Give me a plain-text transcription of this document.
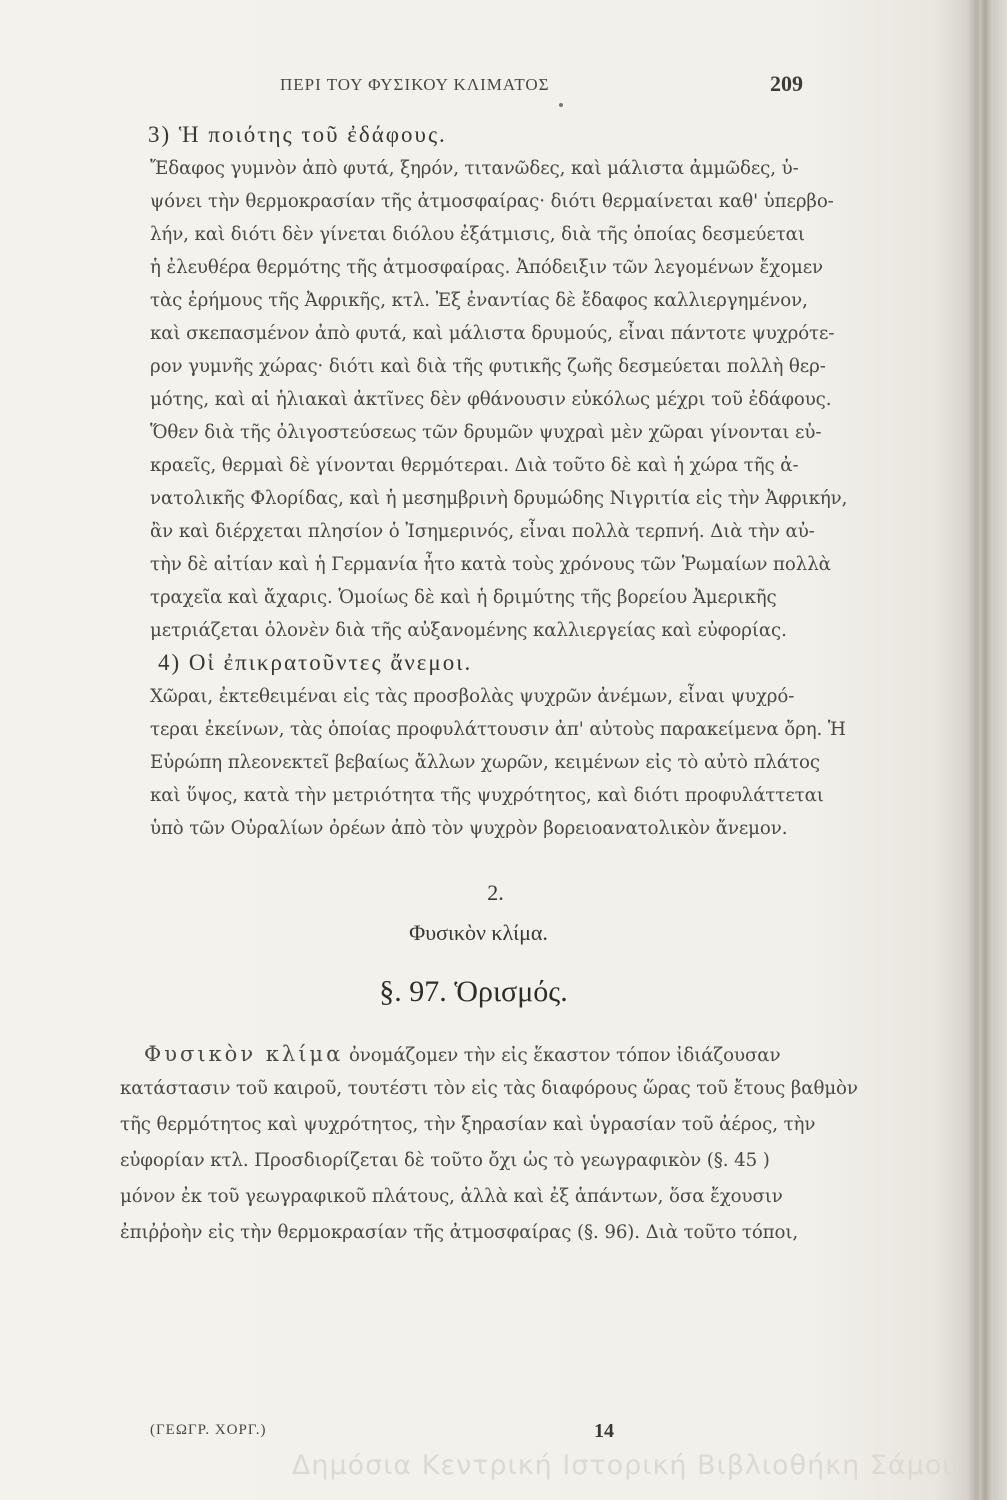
ΠΕΡΙ ΤΟΥ ΦΥΣΙΚΟΥ ΚΛΙΜΑΤΟΣ	209
3) Ἡ ποιότης τοῦ ἐδάφους.
Ἔδαφος γυμνὸν ἀπὸ φυτά, ξηρόν, τιτανῶδες, καὶ μάλιστα ἀμμῶδες, ὑ-
ψόνει τὴν θερμοκρασίαν τῆς ἀτμοσφαίρας· διότι θερμαίνεται καθ' ὑπερβο-
λήν, καὶ διότι δὲν γίνεται διόλου ἐξάτμισις, διὰ τῆς ὁποίας δεσμεύεται
ἡ ἐλευθέρα θερμότης τῆς ἀτμοσφαίρας. Ἀπόδειξιν τῶν λεγομένων ἔχομεν
τὰς ἐρήμους τῆς Ἀφρικῆς, κτλ. Ἐξ ἐναντίας δὲ ἔδαφος καλλιεργημένον,
καὶ σκεπασμένον ἀπὸ φυτά, καὶ μάλιστα δρυμούς, εἶναι πάντοτε ψυχρότε-
ρον γυμνῆς χώρας· διότι καὶ διὰ τῆς φυτικῆς ζωῆς δεσμεύεται πολλὴ θερ-
μότης, καὶ αἱ ἡλιακαὶ ἀκτῖνες δὲν φθάνουσιν εὐκόλως μέχρι τοῦ ἐδάφους.
Ὅθεν διὰ τῆς ὀλιγοστεύσεως τῶν δρυμῶν ψυχραὶ μὲν χῶραι γίνονται εὐ-
κραεῖς, θερμαὶ δὲ γίνονται θερμότεραι. Διὰ τοῦτο δὲ καὶ ἡ χώρα τῆς ἀ-
νατολικῆς Φλορίδας, καὶ ἡ μεσημβρινὴ δρυμώδης Νιγριτία εἰς τὴν Ἀφρικήν,
ἂν καὶ διέρχεται πλησίον ὁ Ἰσημερινός, εἶναι πολλὰ τερπνή. Διὰ τὴν αὐ-
τὴν δὲ αἰτίαν καὶ ἡ Γερμανία ἦτο κατὰ τοὺς χρόνους τῶν Ῥωμαίων πολλὰ
τραχεῖα καὶ ἄχαρις. Ὁμοίως δὲ καὶ ἡ δριμύτης τῆς βορείου Ἀμερικῆς
μετριάζεται ὁλονὲν διὰ τῆς αὐξανομένης καλλιεργείας καὶ εὐφορίας.
4) Οἱ ἐπικρατοῦντες ἄνεμοι.
Χῶραι, ἐκτεθειμέναι εἰς τὰς προσβολὰς ψυχρῶν ἀνέμων, εἶναι ψυχρό-
τεραι ἐκείνων, τὰς ὁποίας προφυλάττουσιν ἀπ' αὐτοὺς παρακείμενα ὄρη. Ἡ
Εὐρώπη πλεονεκτεῖ βεβαίως ἄλλων χωρῶν, κειμένων εἰς τὸ αὐτὸ πλάτος
καὶ ὕψος, κατὰ τὴν μετριότητα τῆς ψυχρότητος, καὶ διότι προφυλάττεται
ὑπὸ τῶν Οὐραλίων ὀρέων ἀπὸ τὸν ψυχρὸν βορειοανατολικὸν ἄνεμον.
2.
Φυσικὸν κλίμα.
§. 97. Ὁρισμός.
Φυσικὸν κλίμα ὀνομάζομεν τὴν εἰς ἕκαστον τόπον ἰδιάζουσαν
κατάστασιν τοῦ καιροῦ, τουτέστι τὸν εἰς τὰς διαφόρους ὥρας τοῦ ἔτους βαθμὸν
τῆς θερμότητος καὶ ψυχρότητος, τὴν ξηρασίαν καὶ ὑγρασίαν τοῦ ἀέρος, τὴν
εὐφορίαν κτλ. Προσδιορίζεται δὲ τοῦτο ὄχι ὡς τὸ γεωγραφικὸν (§. 45 )
μόνον ἐκ τοῦ γεωγραφικοῦ πλάτους, ἀλλὰ καὶ ἐξ ἁπάντων, ὅσα ἔχουσιν
ἐπιῤῥοὴν εἰς τὴν θερμοκρασίαν τῆς ἀτμοσφαίρας (§. 96). Διὰ τοῦτο τόποι,
(ΓΕΩΓΡ. ΧΟΡΓ.)	14
Δημόσια Κεντρική Ιστορική Βιβλιοθήκη Σάμου
